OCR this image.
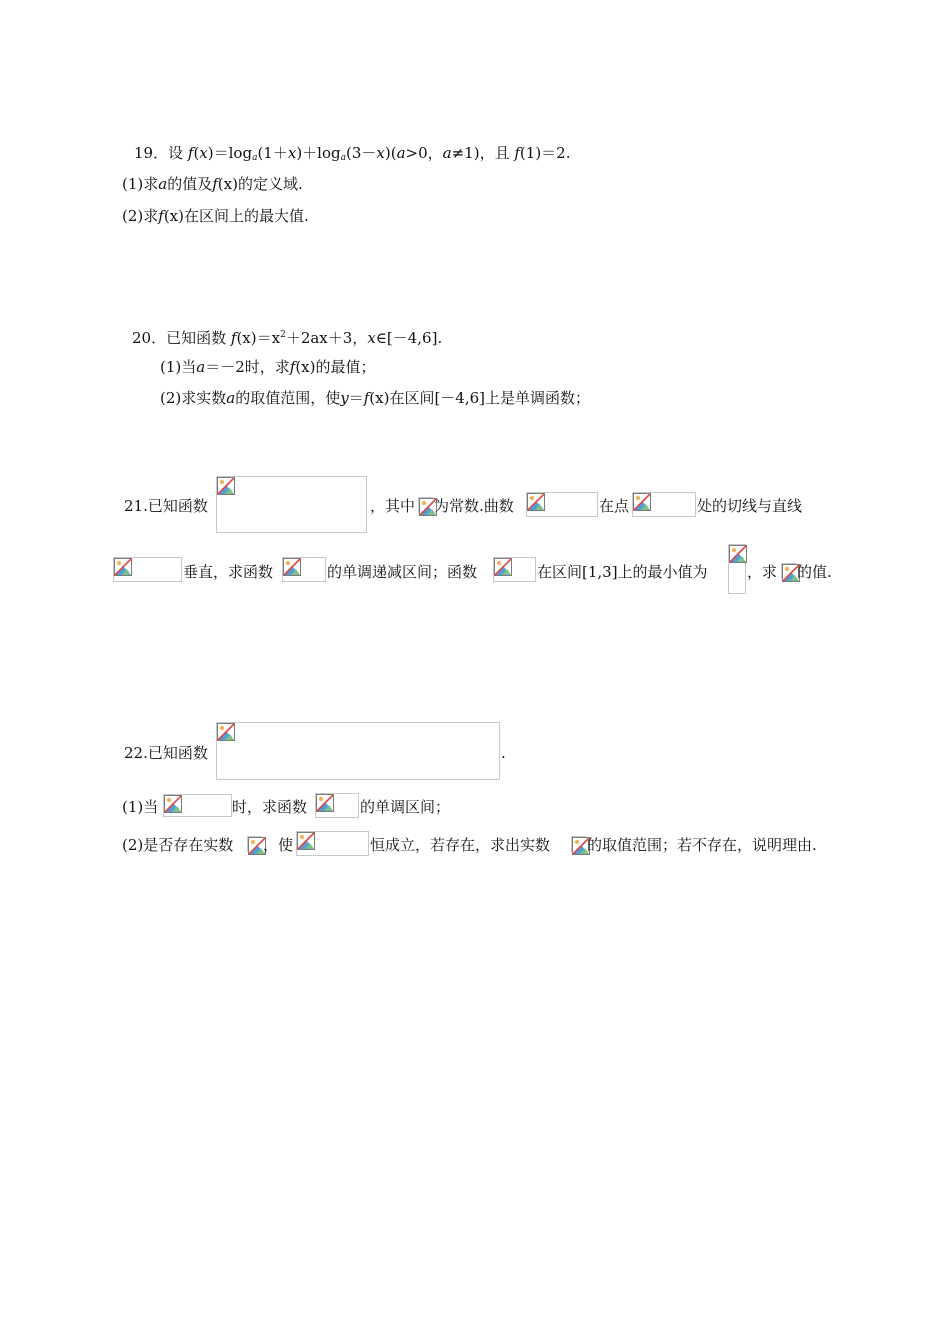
19．设 $f(x)=\log_a(1+x)+\log_a(3-x)(a>0$，a≠1)，且 f(1)＝2.
(1)求a的值及f(x)的定义域.
(2)求f(x)在区间上的最大值.
20．已知函数 $f(x)=x^2+2ax+3$，x∈[－4,6].
(1)当a＝－2时，求f(x)的最值；
(2)求实数a的取值范围，使y＝f(x)在区间[－4,6]上是单调函数；
21.已知函数	，其中 为常数.曲数	在点	处的切线与直线
垂直，求函数	的单调递减区间；函数	在区间[1,3]上的最小值为	，求 的值.
22.已知函数	.
(1)当	时，求函数	的单调区间；
(2)是否存在实数 ，使	恒成立，若存在，求出实数 的取值范围；若不存在，说明理由.
